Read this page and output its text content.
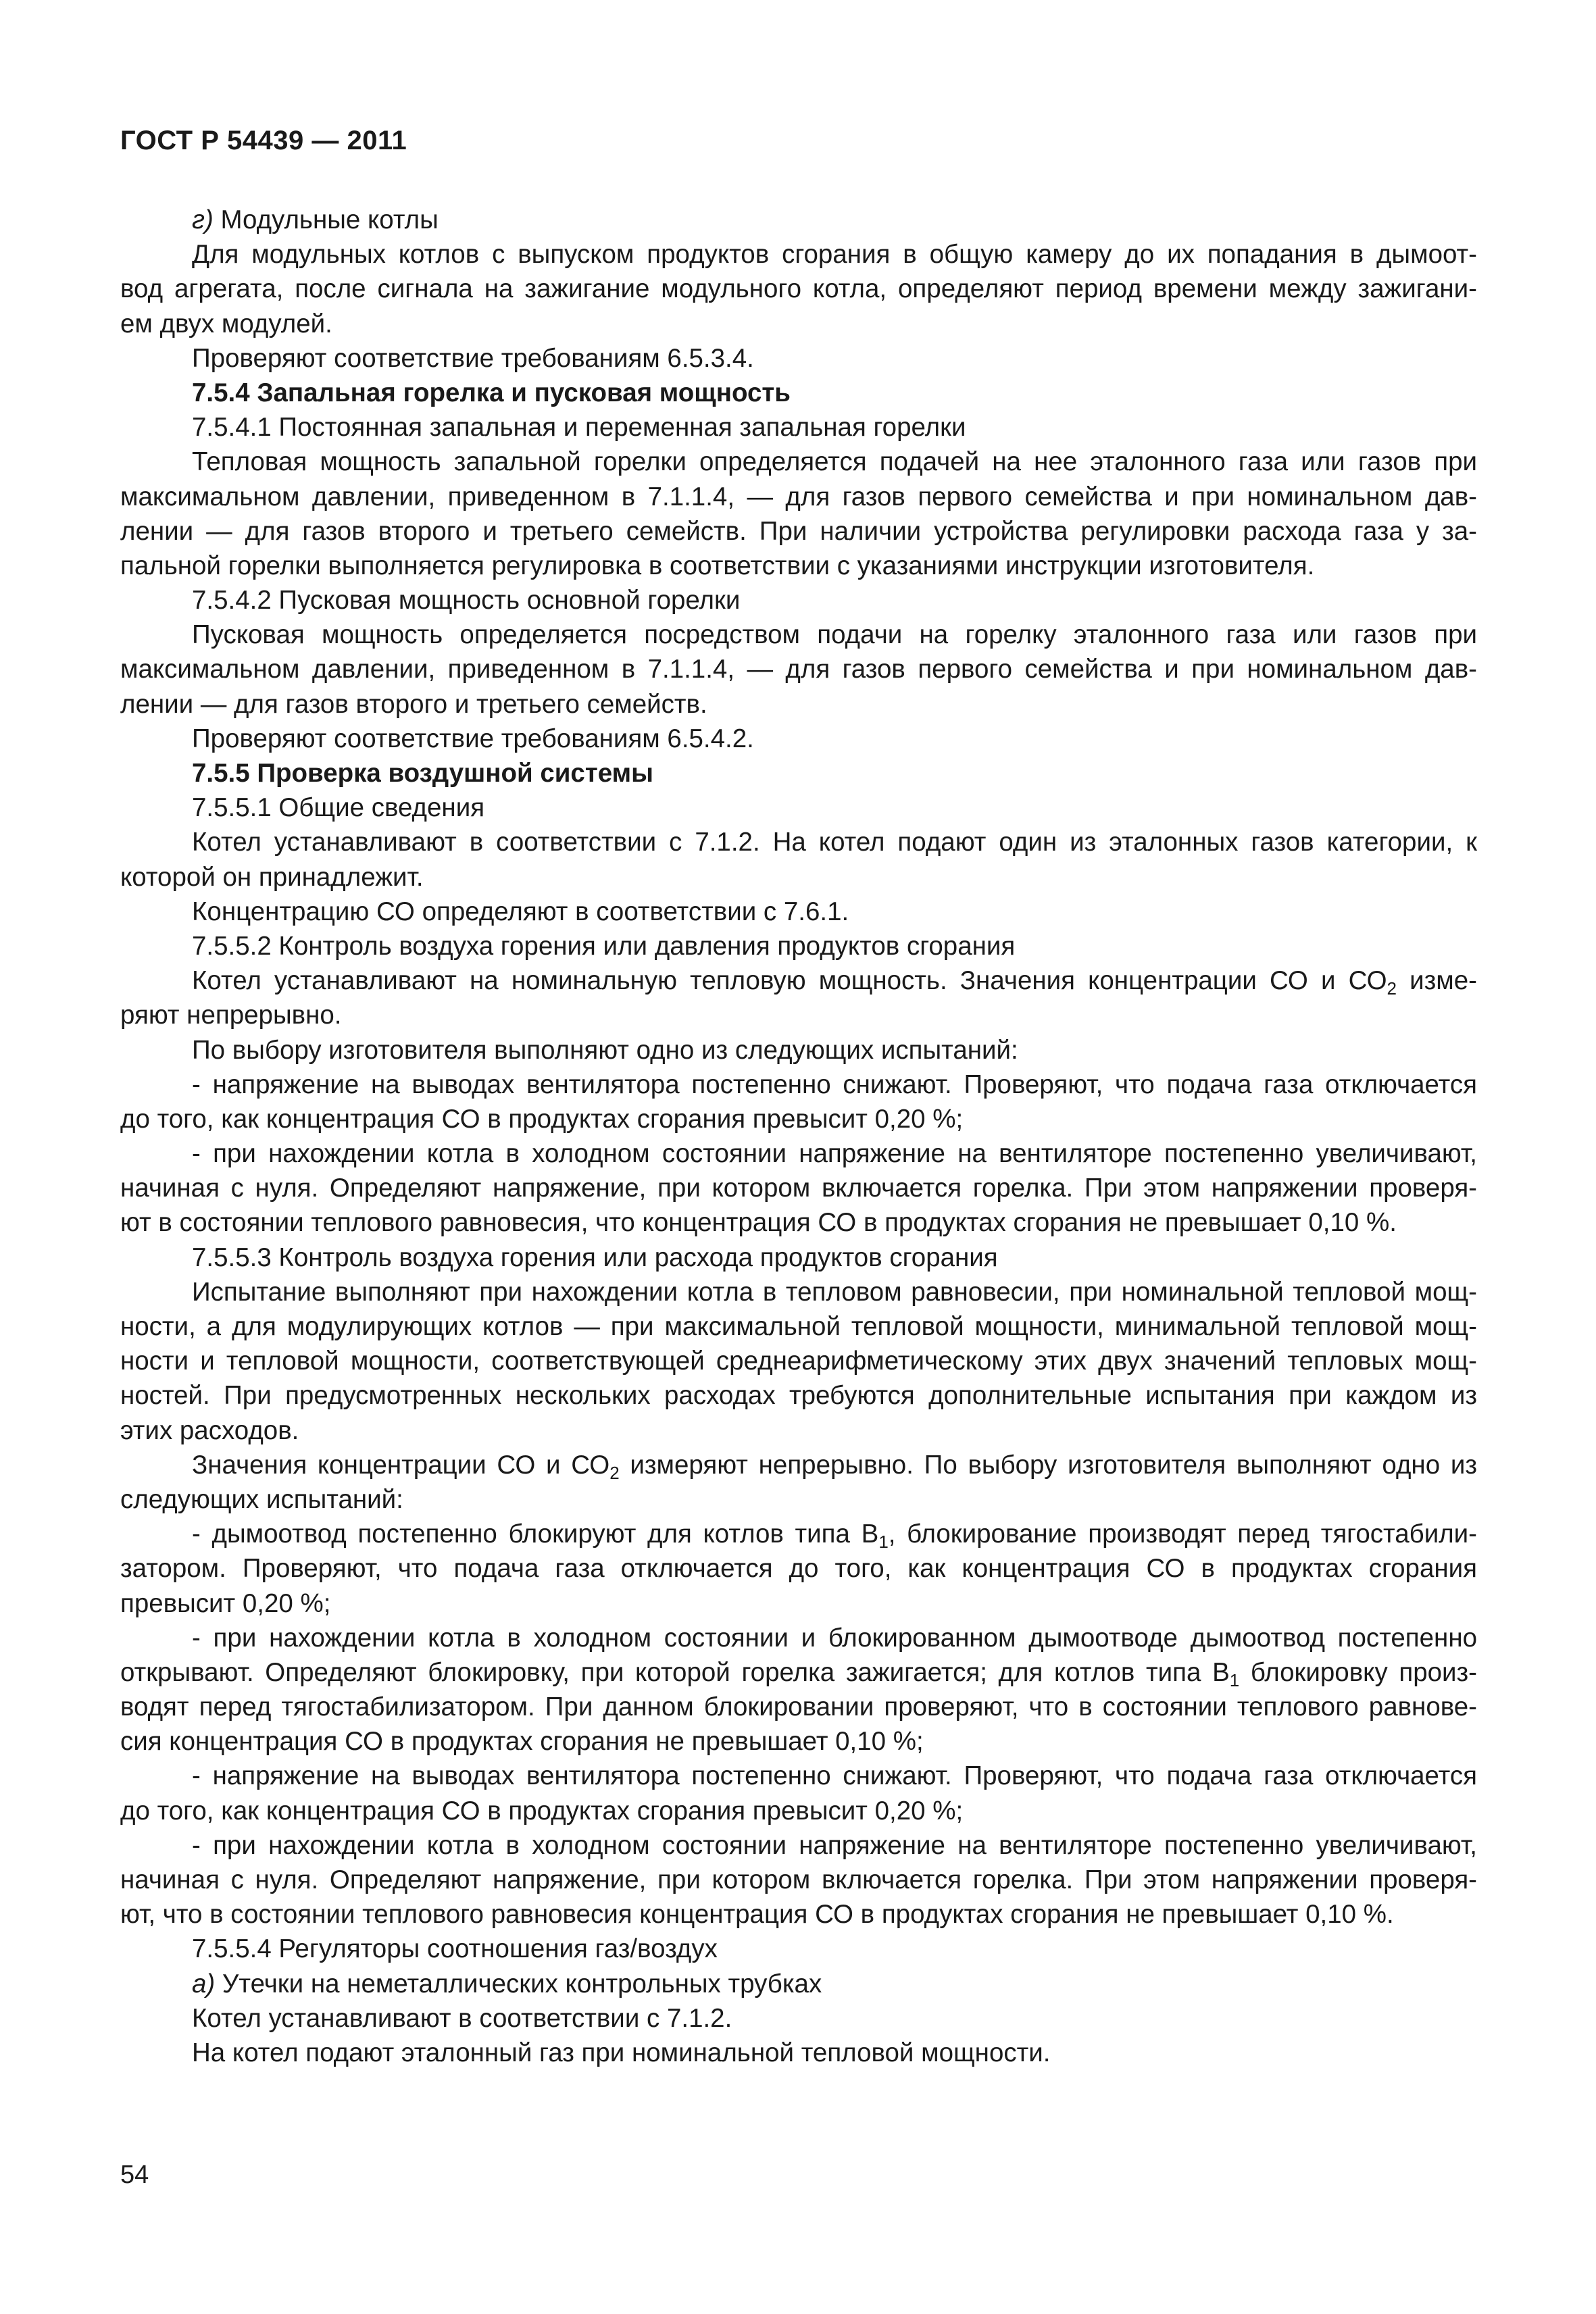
ГОСТ Р 54439 — 2011
г) Модульные котлы
Для модульных котлов с выпуском продуктов сгорания в общую камеру до их попадания в дымоот-
вод агрегата, после сигнала на зажигание модульного котла, определяют период времени между зажигани-
ем двух модулей.
Проверяют соответствие требованиям 6.5.3.4.
7.5.4 Запальная горелка и пусковая мощность
7.5.4.1 Постоянная запальная и переменная запальная горелки
Тепловая мощность запальной горелки определяется подачей на нее эталонного газа или газов при
максимальном давлении, приведенном в 7.1.1.4, — для газов первого семейства и при номинальном дав-
лении — для газов второго и третьего семейств. При наличии устройства регулировки расхода газа у за-
пальной горелки выполняется регулировка в соответствии с указаниями инструкции изготовителя.
7.5.4.2 Пусковая мощность основной горелки
Пусковая мощность определяется посредством подачи на горелку эталонного газа или газов при
максимальном давлении, приведенном в 7.1.1.4, — для газов первого семейства и при номинальном дав-
лении — для газов второго и третьего семейств.
Проверяют соответствие требованиям 6.5.4.2.
7.5.5 Проверка воздушной системы
7.5.5.1 Общие сведения
Котел устанавливают в соответствии с 7.1.2. На котел подают один из эталонных газов категории, к
которой он принадлежит.
Концентрацию СО определяют в соответствии с 7.6.1.
7.5.5.2 Контроль воздуха горения или давления продуктов сгорания
Котел устанавливают на номинальную тепловую мощность. Значения концентрации СО и $СО_2$ изме-
ряют непрерывно.
По выбору изготовителя выполняют одно из следующих испытаний:
- напряжение на выводах вентилятора постепенно снижают. Проверяют, что подача газа отключается
до того, как концентрация СО в продуктах сгорания превысит 0,20 %;
- при нахождении котла в холодном состоянии напряжение на вентиляторе постепенно увеличивают,
начиная с нуля. Определяют напряжение, при котором включается горелка. При этом напряжении проверя-
ют в состоянии теплового равновесия, что концентрация СО в продуктах сгорания не превышает 0,10 %.
7.5.5.3 Контроль воздуха горения или расхода продуктов сгорания
Испытание выполняют при нахождении котла в тепловом равновесии, при номинальной тепловой мощ-
ности, а для модулирующих котлов — при максимальной тепловой мощности, минимальной тепловой мощ-
ности и тепловой мощности, соответствующей среднеарифметическому этих двух значений тепловых мощ-
ностей. При предусмотренных нескольких расходах требуются дополнительные испытания при каждом из
этих расходов.
Значения концентрации СО и $СО_2$ измеряют непрерывно. По выбору изготовителя выполняют одно из
следующих испытаний:
- дымоотвод постепенно блокируют для котлов типа $В_1$, блокирование производят перед тягостабили-
затором. Проверяют, что подача газа отключается до того, как концентрация СО в продуктах сгорания
превысит 0,20 %;
- при нахождении котла в холодном состоянии и блокированном дымоотводе дымоотвод постепенно
открывают. Определяют блокировку, при которой горелка зажигается; для котлов типа $В_1$ блокировку произ-
водят перед тягостабилизатором. При данном блокировании проверяют, что в состоянии теплового равнове-
сия концентрация СО в продуктах сгорания не превышает 0,10 %;
- напряжение на выводах вентилятора постепенно снижают. Проверяют, что подача газа отключается
до того, как концентрация СО в продуктах сгорания превысит 0,20 %;
- при нахождении котла в холодном состоянии напряжение на вентиляторе постепенно увеличивают,
начиная с нуля. Определяют напряжение, при котором включается горелка. При этом напряжении проверя-
ют, что в состоянии теплового равновесия концентрация СО в продуктах сгорания не превышает 0,10 %.
7.5.5.4 Регуляторы соотношения газ/воздух
а) Утечки на неметаллических контрольных трубках
Котел устанавливают в соответствии с 7.1.2.
На котел подают эталонный газ при номинальной тепловой мощности.
54
